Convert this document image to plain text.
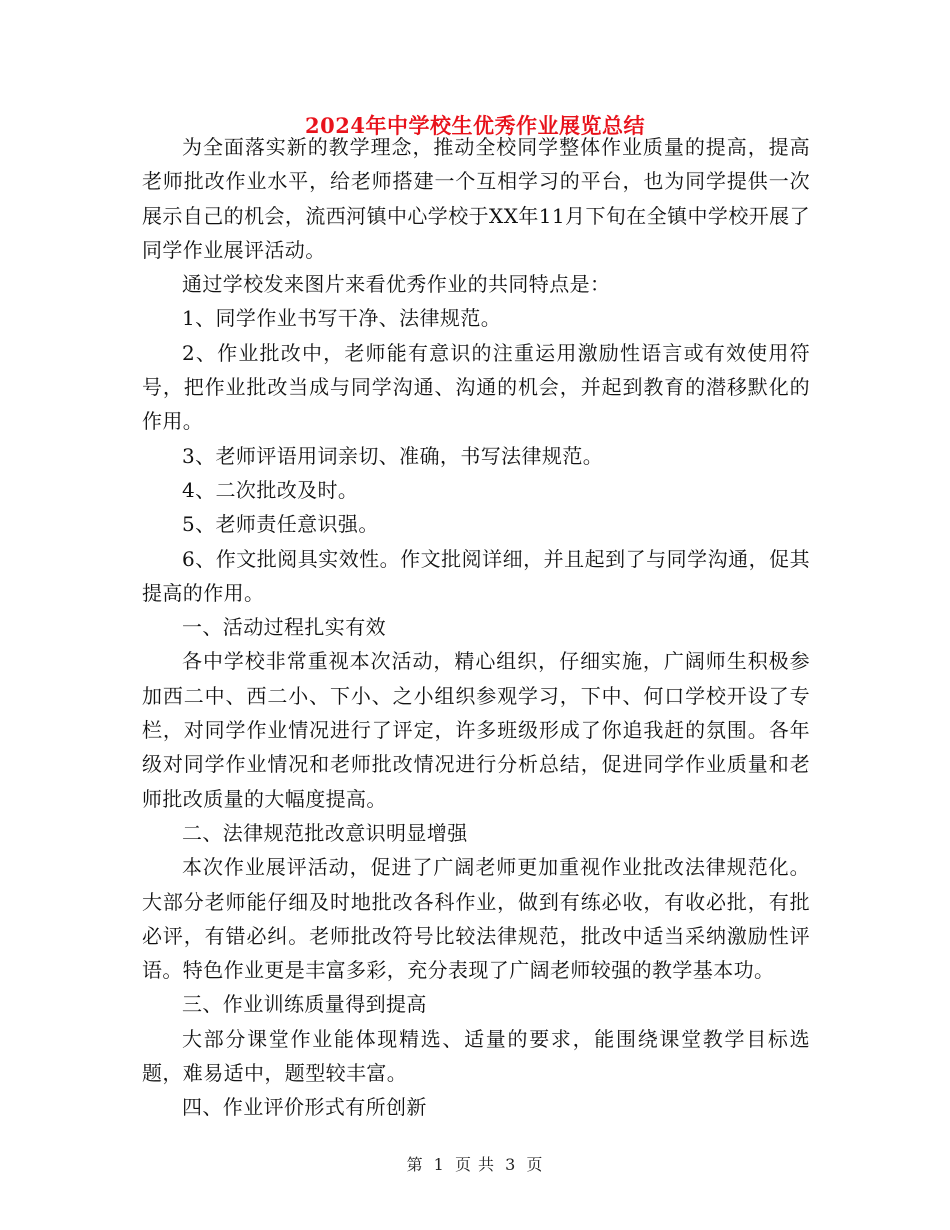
2024年中学校生优秀作业展览总结

为全面落实新的教学理念，推动全校同学整体作业质量的提高，提高老师批改作业水平，给老师搭建一个互相学习的平台，也为同学提供一次展示自己的机会，流西河镇中心学校于XX年11月下旬在全镇中学校开展了同学作业展评活动。

通过学校发来图片来看优秀作业的共同特点是：

1、同学作业书写干净、法律规范。

2、作业批改中，老师能有意识的注重运用激励性语言或有效使用符号，把作业批改当成与同学沟通、沟通的机会，并起到教育的潜移默化的作用。

3、老师评语用词亲切、准确，书写法律规范。

4、二次批改及时。

5、老师责任意识强。

6、作文批阅具实效性。作文批阅详细，并且起到了与同学沟通，促其提高的作用。

一、活动过程扎实有效

各中学校非常重视本次活动，精心组织，仔细实施，广阔师生积极参加西二中、西二小、下小、之小组织参观学习，下中、何口学校开设了专栏，对同学作业情况进行了评定，许多班级形成了你追我赶的氛围。各年级对同学作业情况和老师批改情况进行分析总结，促进同学作业质量和老师批改质量的大幅度提高。

二、法律规范批改意识明显增强

本次作业展评活动，促进了广阔老师更加重视作业批改法律规范化。大部分老师能仔细及时地批改各科作业，做到有练必收，有收必批，有批必评，有错必纠。老师批改符号比较法律规范，批改中适当采纳激励性评语。特色作业更是丰富多彩，充分表现了广阔老师较强的教学基本功。

三、作业训练质量得到提高

大部分课堂作业能体现精选、适量的要求，能围绕课堂教学目标选题，难易适中，题型较丰富。

四、作业评价形式有所创新

第 1 页 共 3 页
